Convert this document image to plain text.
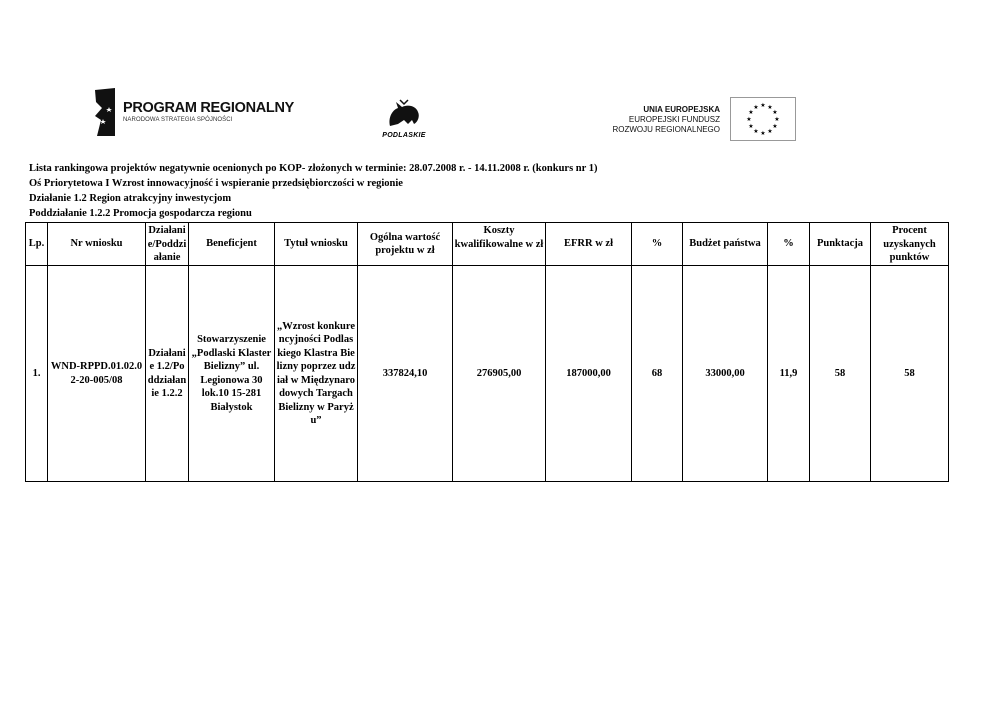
PROGRAM REGIONALNY
NARODOWA STRATEGIA SPÓJNOŚCI
PODLASKIE
UNIA EUROPEJSKA
EUROPEJSKI FUNDUSZ
ROZWOJU REGIONALNEGO
★ ★
★
★
★
★
★
★
★
★
★
★
Lista rankingowa projektów negatywnie ocenionych po KOP- złożonych w terminie: 28.07.2008 r. - 14.11.2008 r. (konkurs nr 1)
Oś Priorytetowa I Wzrost innowacyjność i wspieranie przedsiębiorczości w regionie
Działanie 1.2 Region atrakcyjny inwestycjom
Poddziałanie 1.2.2 Promocja gospodarcza regionu
Lp.	Nr wniosku	Działanie/Poddziałanie	Beneficjent	Tytuł wniosku	Ogólna wartość projektu w zł	Koszty kwalifikowalne w zł	EFRR w zł	%	Budżet państwa	%	Punktacja	Procent uzyskanych punktów

1.	WND-RPPD.01.02.02-20-005/08	Działanie 1.2/Poddziałanie 1.2.2	Stowarzyszenie „Podlaski Klaster Bielizny” ul. Legionowa 30 lok.10 15-281 Białystok	„Wzrost konkurencyjności Podlaskiego Klastra Bielizny poprzez udział w Międzynarodowych Targach Bielizny w Paryżu”	337824,10	276905,00	187000,00	68	33000,00	11,9	58	58
